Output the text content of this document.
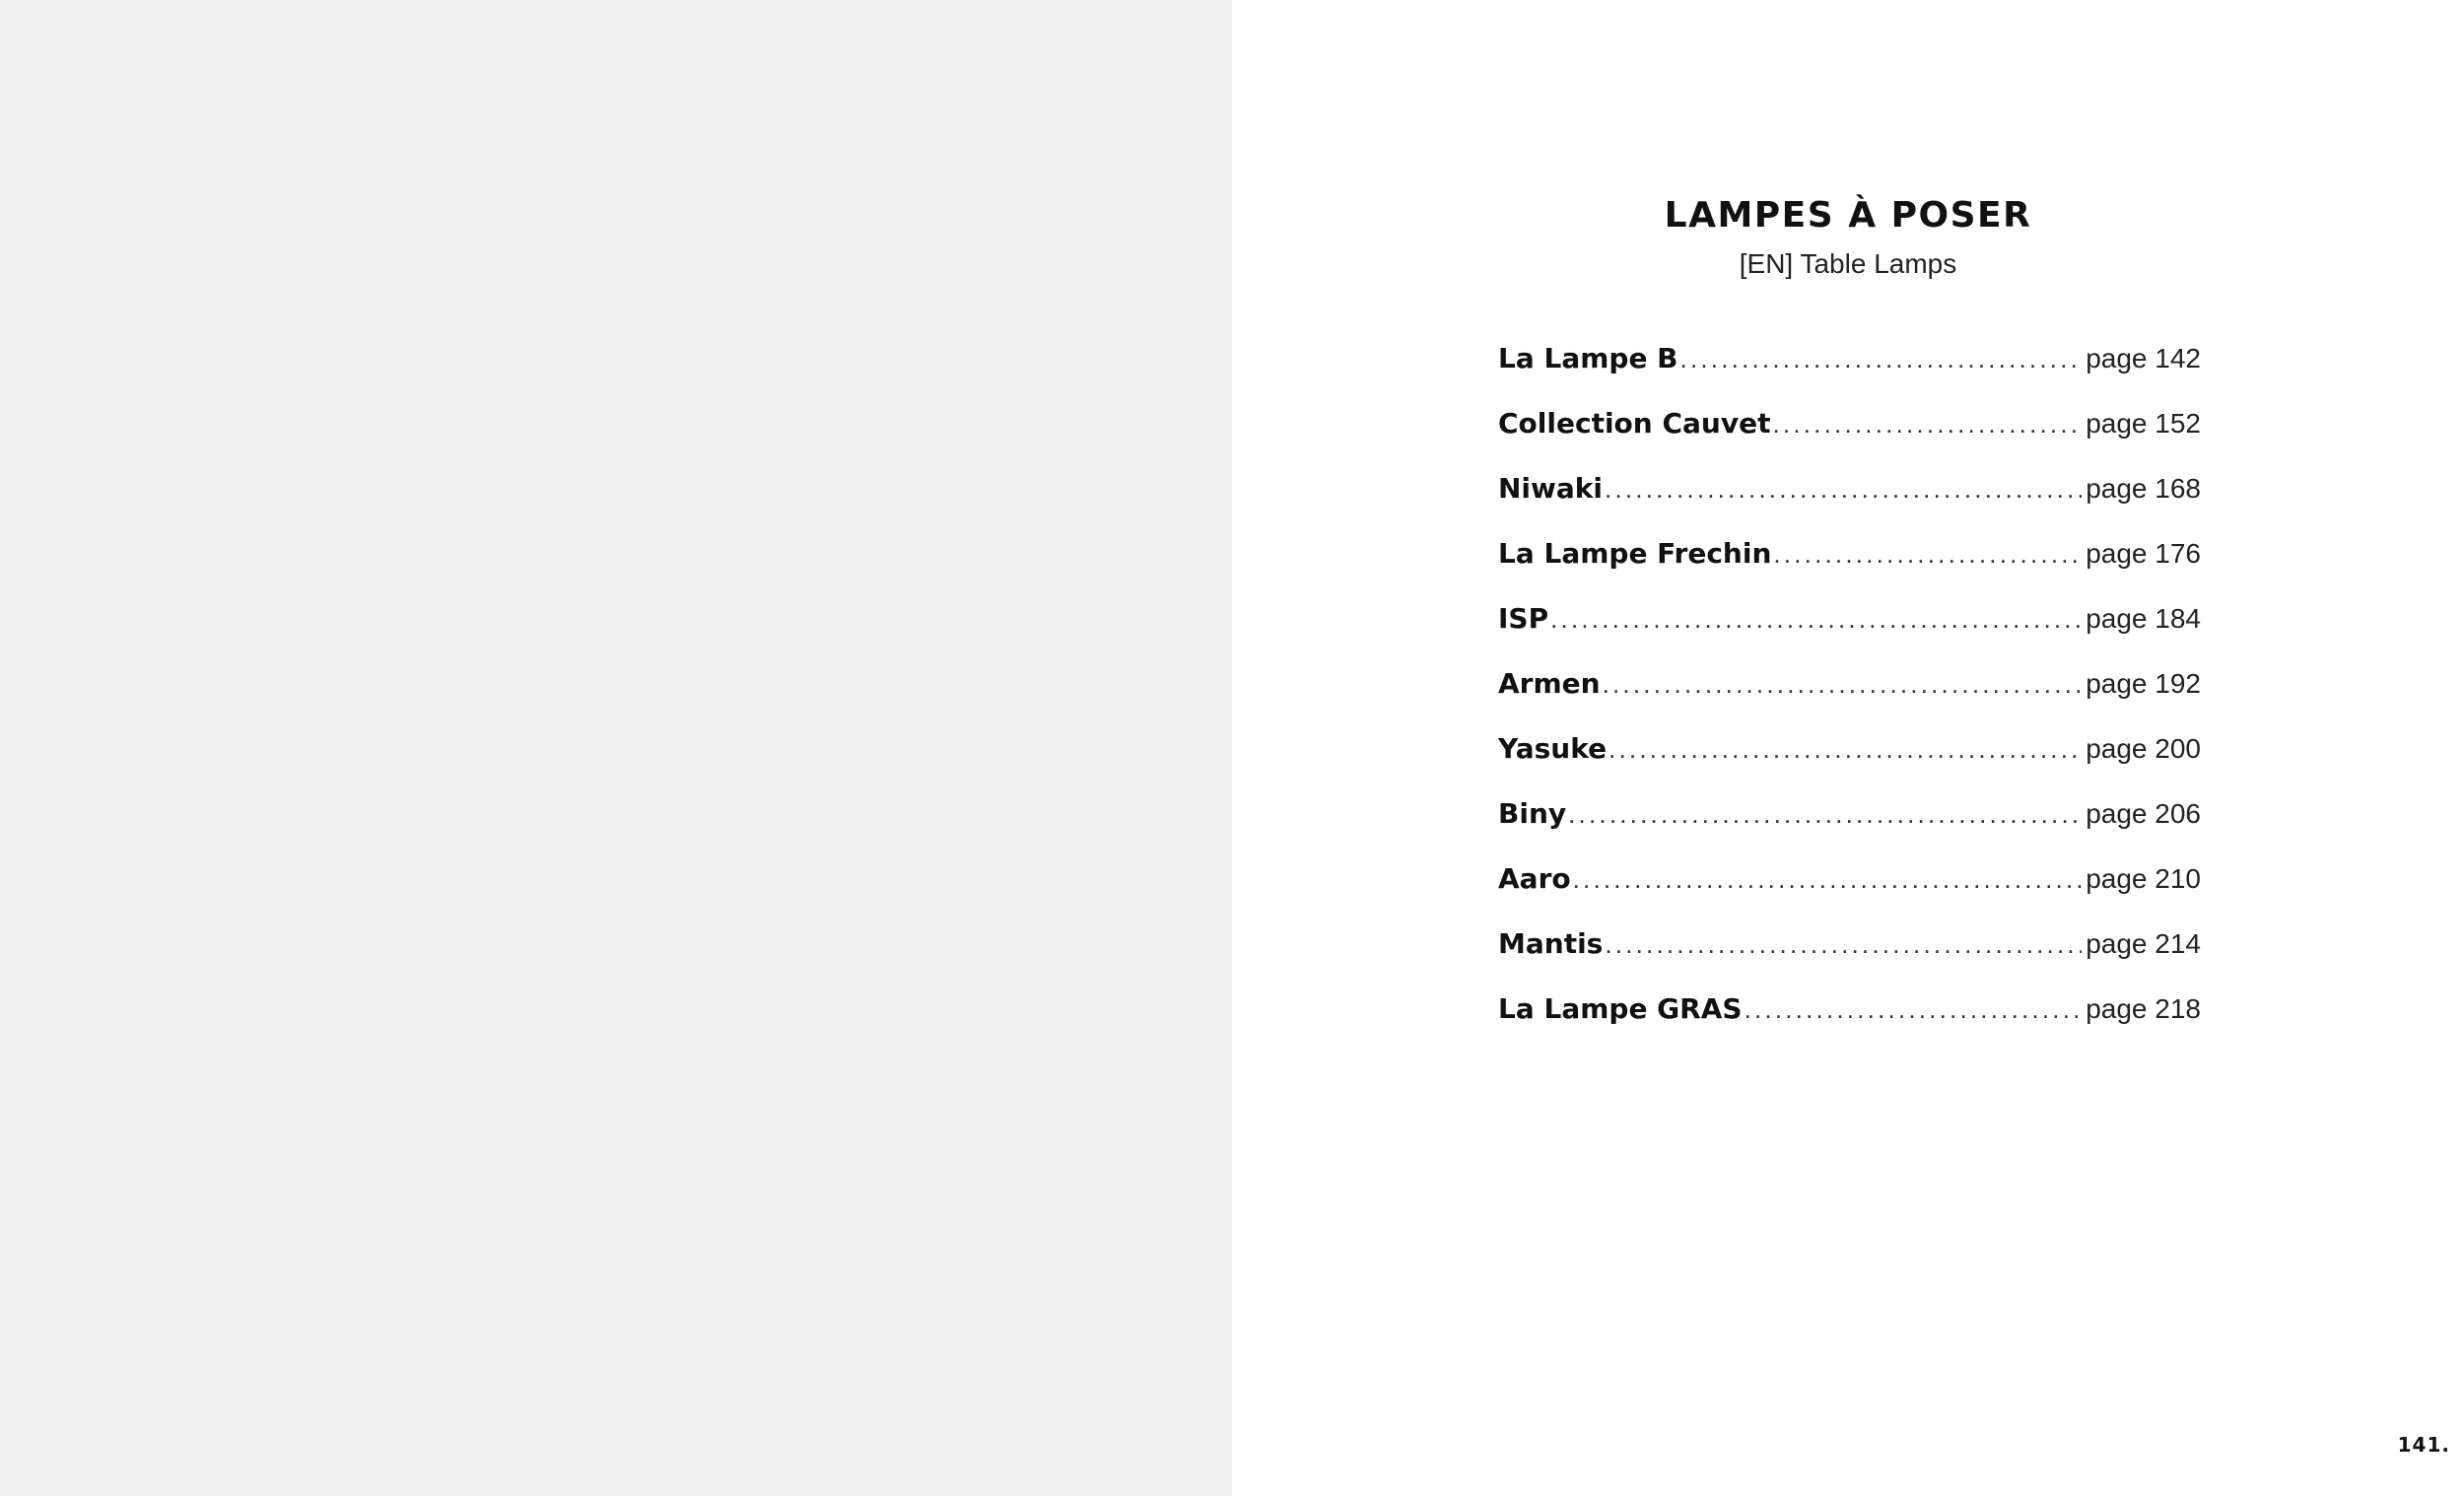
LAMPES À POSER
[EN] Table Lamps
La Lampe B .....	page 142
Collection Cauvet .....	page 152
Niwaki .....	page 168
La Lampe Frechin .....	page 176
ISP .....	page 184
Armen .....	page 192
Yasuke .....	page 200
Biny .....	page 206
Aaro .....	page 210
Mantis .....	page 214
La Lampe GRAS .....	page 218
141.
